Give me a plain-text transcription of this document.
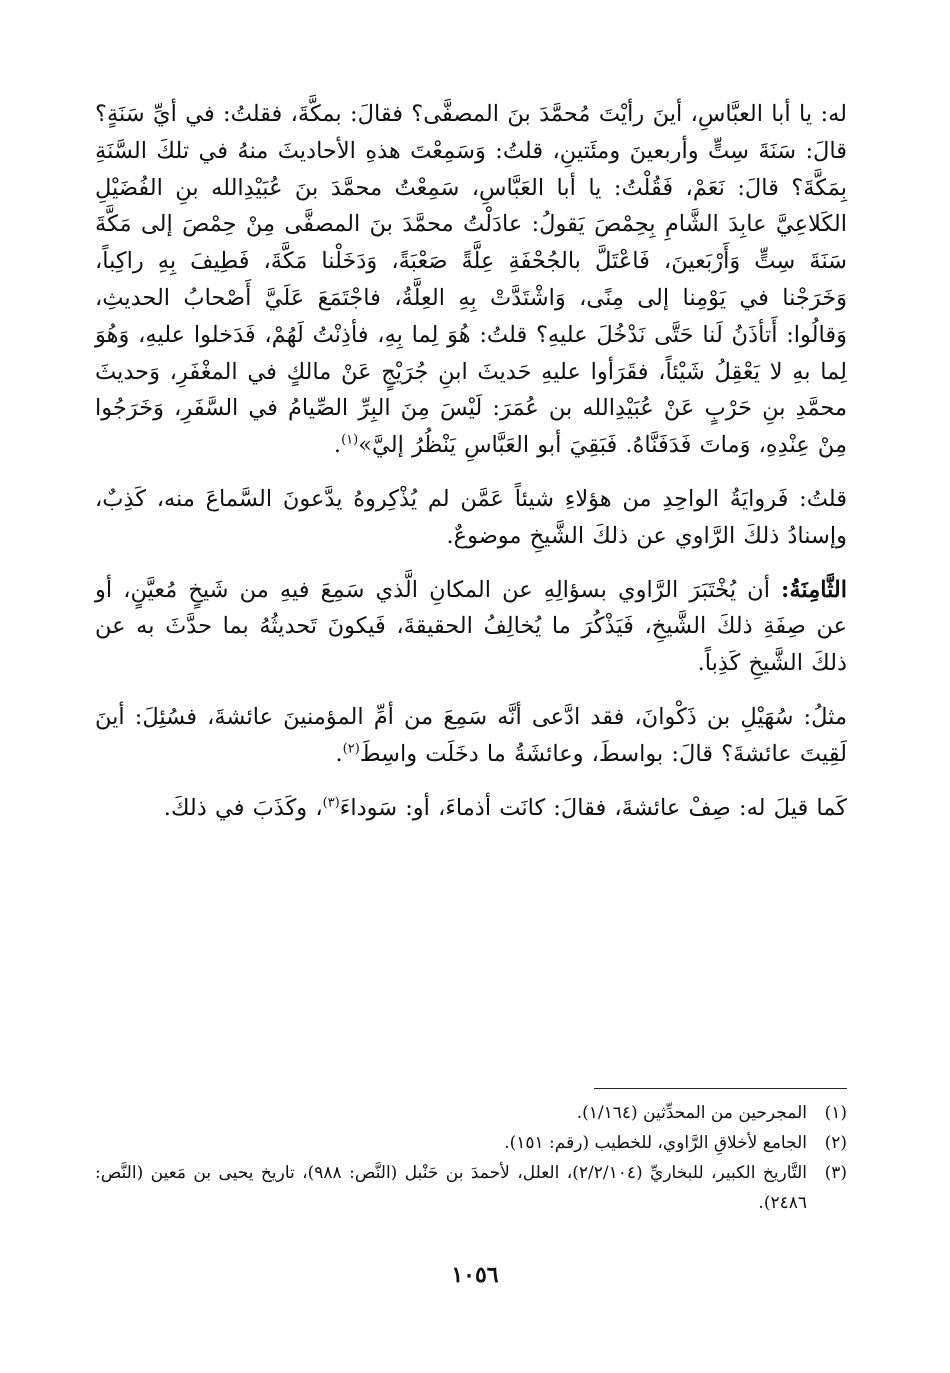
له: يا أبا العبَّاسِ، أينَ رأيْتَ مُحمَّدَ بنَ المصفَّى؟ فقالَ: بمكَّةَ، فقلتُ: في أيِّ سَنَةٍ؟ قالَ: سَنَةَ سِتٍّ وأربعينَ ومئَتينِ، قلتُ: وَسَمِعْتَ هذهِ الأحاديثَ منهُ في تلكَ السَّنَةِ بِمَكَّةَ؟ قالَ: نَعَمْ، فَقُلْتُ: يا أبا العَبَّاسِ، سَمِعْتُ محمَّدَ بنَ عُبَيْدِالله بنِ الفُضَيْلِ الكَلاعِيَّ عابِدَ الشَّامِ بِحِمْصَ يَقولُ: عادَلْتُ محمَّدَ بنَ المصفَّى مِنْ حِمْصَ إلى مَكَّةَ سَنَةَ سِتٍّ وَأَرْبَعينَ، فَاعْتَلَّ بالجُحْفَةِ عِلَّةً صَعْبَةً، وَدَخَلْنا مَكَّةَ، فَطِيفَ بِهِ راكِباً، وَخَرَجْنا في يَوْمِنا إلى مِنًى، وَاشْتَدَّتْ بِهِ العِلَّةُ، فاجْتَمَعَ عَلَيَّ أَصْحابُ الحديثِ، وَقالُوا: أَتأذَنُ لَنا حَتَّى نَدْخُلَ عليهِ؟ قلتُ: هُوَ لِما بِهِ، فأذِنْتُ لَهُمْ، فَدَخلوا عليهِ، وَهُوَ لِما بهِ لا يَعْقِلُ شَيْئاً، فقَرَأوا عليهِ حَديثَ ابنِ جُرَيْجٍ عَنْ مالكٍ في المغْفَرِ، وَحديثَ محمَّدِ بنِ حَرْبٍ عَنْ عُبَيْدِالله بن عُمَرَ: لَيْسَ مِنَ البِرِّ الصِّيامُ في السَّفَرِ، وَخَرَجُوا مِنْ عِنْدِهِ، وَماتَ فَدَفَنَّاهُ. فَبَقِيَ أبو العَبَّاسِ يَنْظُرُ إليَّ»$^{(١)}$.

قلتُ: فَروايَةُ الواحِدِ من هؤلاءِ شيئاً عَمَّن لم يُذْكِروهُ يدَّعونَ السَّماعَ منه، كَذِبٌ، وإسنادُ ذلكَ الرَّاوي عن ذلكَ الشَّيخِ موضوعٌ.

الثَّامِنَةُ: أن يُخْتَبَرَ الرَّاوي بسؤالِهِ عن المكانِ الَّذي سَمِعَ فيهِ من شَيخٍ مُعيَّنٍ، أو عن صِفَةِ ذلكَ الشَّيخِ، فَيَذْكُرَ ما يُخالِفُ الحقيقةَ، فَيكونَ تَحديثُهُ بما حدَّثَ به عن ذلكَ الشَّيخِ كَذِباً.

مثلُ: سُهَيْلِ بن ذَكْوانَ، فقد ادَّعى أنَّه سَمِعَ من أمِّ المؤمنينَ عائشةَ، فسُئِلَ: أينَ لَقِيتَ عائشةَ؟ قالَ: بواسطَ، وعائشَةُ ما دخَلَت واسِطَ$^{(٢)}$.

كَما قيلَ له: صِفْ عائشةَ، فقالَ: كانَت أذماءَ، أو: سَوداءَ$^{(٣)}$، وكَذَبَ في ذلكَ.

(١)
المجرحين من المحدِّثين (١/١٦٤).
(٢)
الجامع لأخلاقِ الرَّاوي، للخطيب (رقم: ١٥١).
(٣)
التَّاريخ الكبير، للبخاريِّ (٢/٢/١٠٤)، العلل، لأحمدَ بن حَنْبل (النَّص: ٩٨٨)، تاريخ يحيى بن مَعين (النَّص: ٢٤٨٦).
١٠٥٦
